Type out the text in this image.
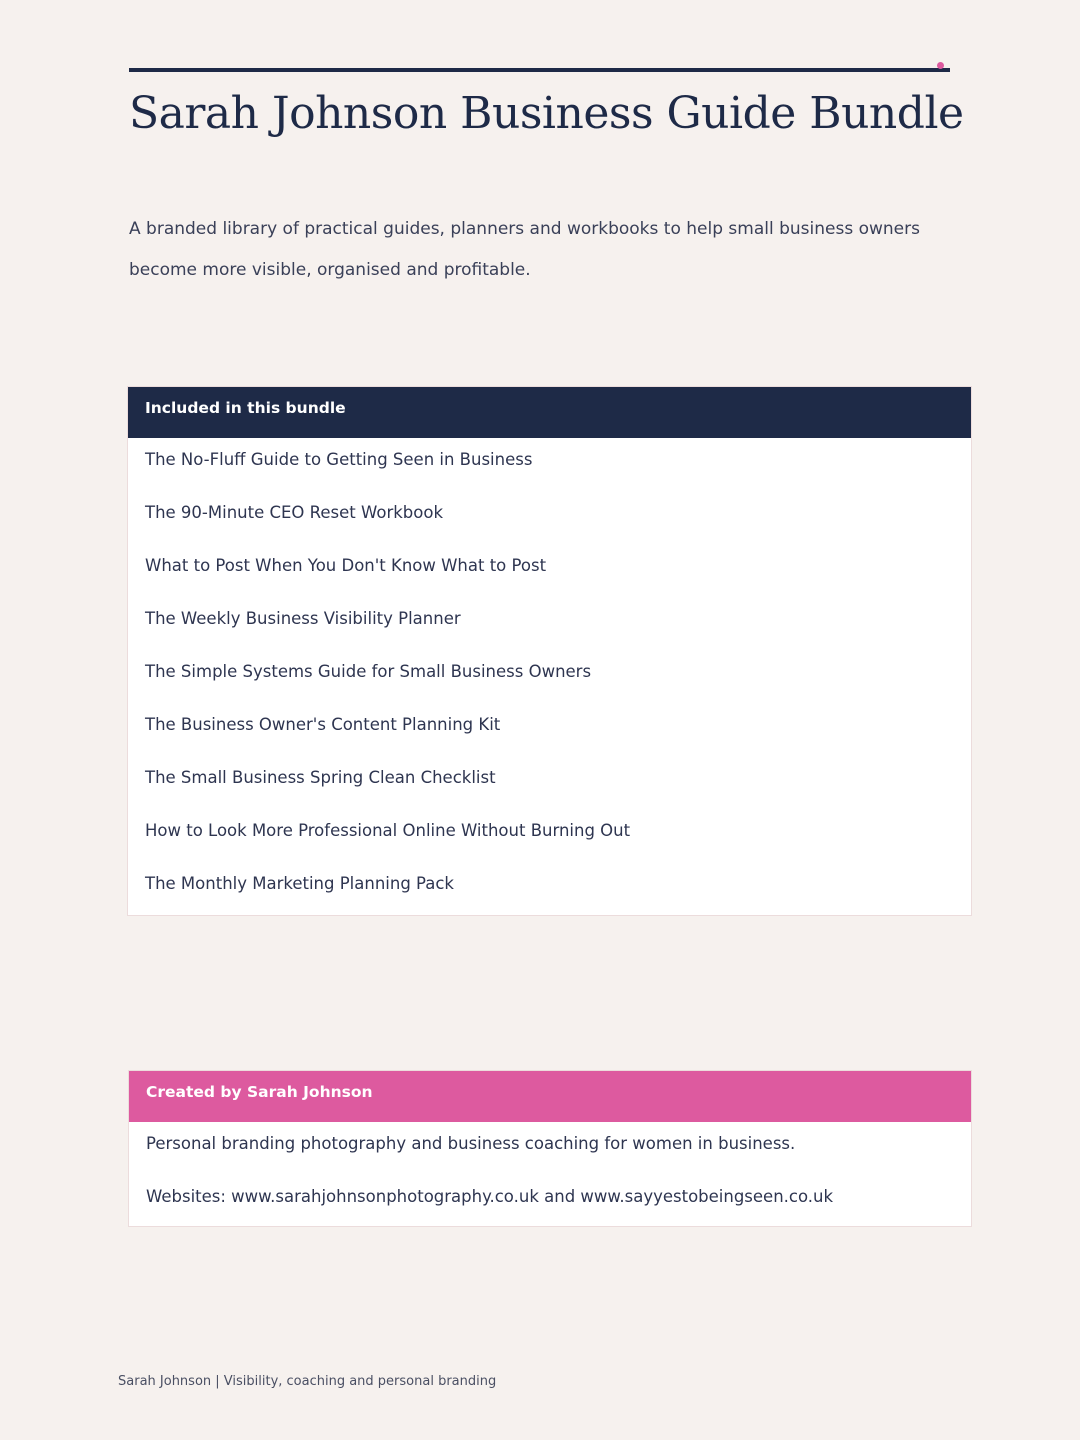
Sarah Johnson Business Guide Bundle

A branded library of practical guides, planners and workbooks to help small business owners become more visible, organised and profitable.

Included in this bundle
The No-Fluff Guide to Getting Seen in Business
The 90-Minute CEO Reset Workbook
What to Post When You Don't Know What to Post
The Weekly Business Visibility Planner
The Simple Systems Guide for Small Business Owners
The Business Owner's Content Planning Kit
The Small Business Spring Clean Checklist
How to Look More Professional Online Without Burning Out
The Monthly Marketing Planning Pack
Created by Sarah Johnson
Personal branding photography and business coaching for women in business.
Websites: www.sarahjohnsonphotography.co.uk and www.sayyestobeingseen.co.uk
Sarah Johnson | Visibility, coaching and personal branding
